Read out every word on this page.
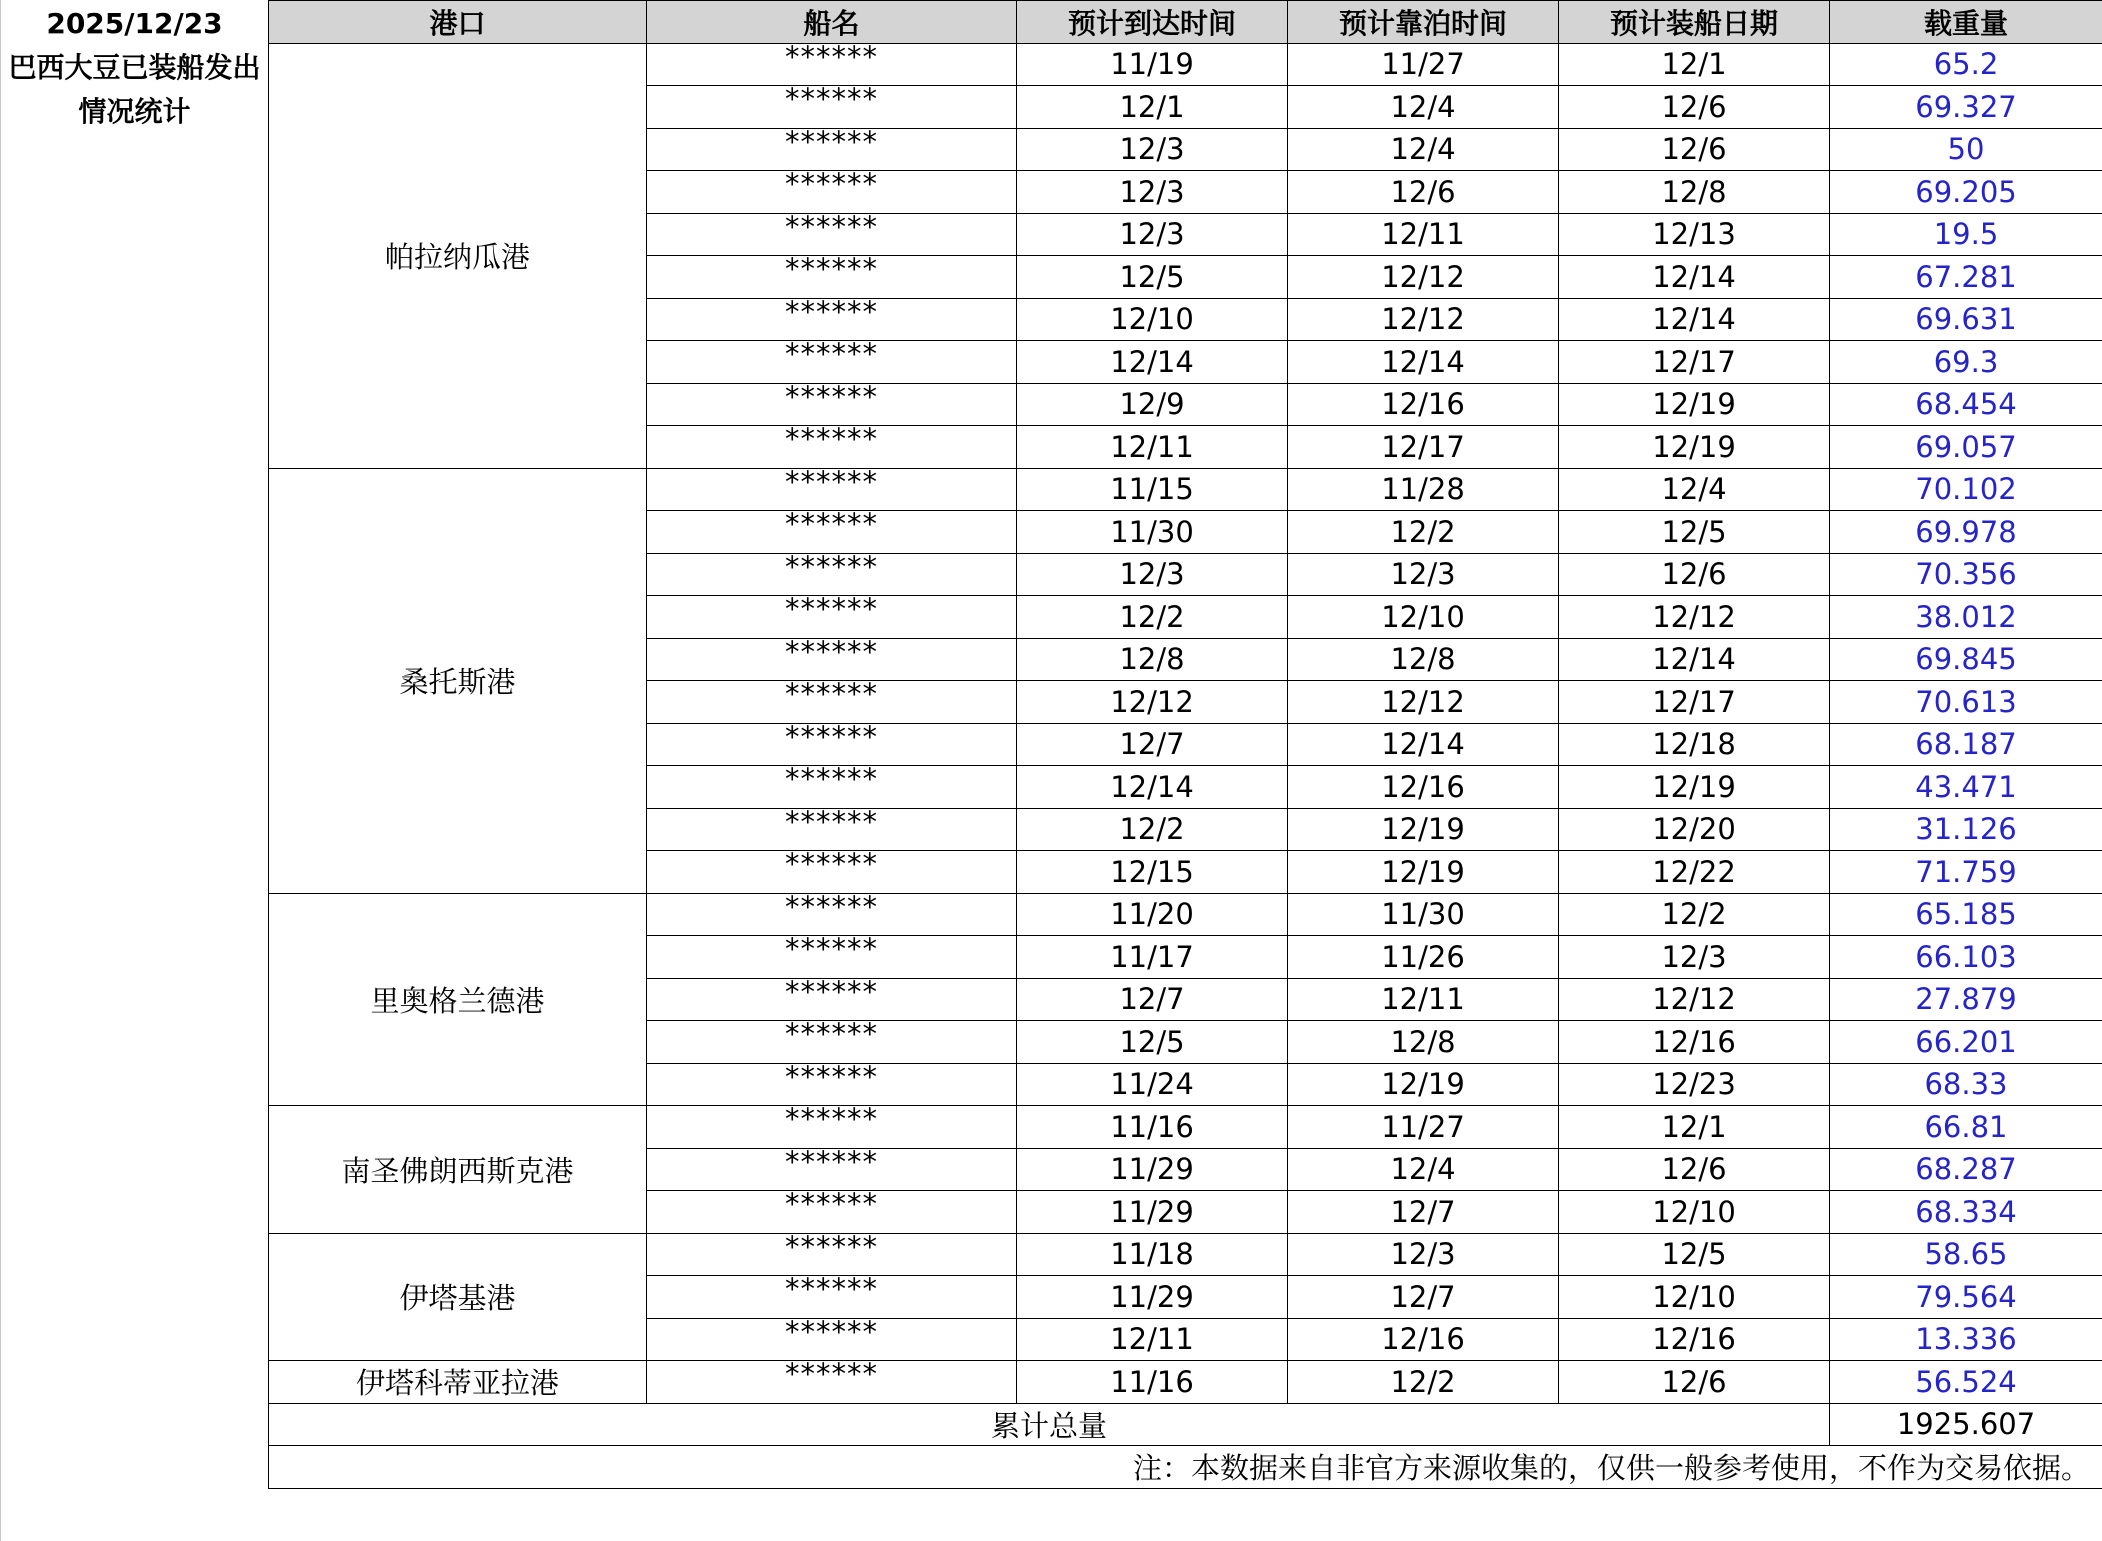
2025/12/23
巴西大豆已装船发出情况统计
港口	船名	预计到达时间	预计靠泊时间	预计装船日期	载重量
帕拉纳瓜港	******	11/19	11/27	12/1	65.2
	******	12/1	12/4	12/6	69.327
	******	12/3	12/4	12/6	50
	******	12/3	12/6	12/8	69.205
	******	12/3	12/11	12/13	19.5
	******	12/5	12/12	12/14	67.281
	******	12/10	12/12	12/14	69.631
	******	12/14	12/14	12/17	69.3
	******	12/9	12/16	12/19	68.454
	******	12/11	12/17	12/19	69.057
桑托斯港	******	11/15	11/28	12/4	70.102
	******	11/30	12/2	12/5	69.978
	******	12/3	12/3	12/6	70.356
	******	12/2	12/10	12/12	38.012
	******	12/8	12/8	12/14	69.845
	******	12/12	12/12	12/17	70.613
	******	12/7	12/14	12/18	68.187
	******	12/14	12/16	12/19	43.471
	******	12/2	12/19	12/20	31.126
	******	12/15	12/19	12/22	71.759
里奥格兰德港	******	11/20	11/30	12/2	65.185
	******	11/17	11/26	12/3	66.103
	******	12/7	12/11	12/12	27.879
	******	12/5	12/8	12/16	66.201
	******	11/24	12/19	12/23	68.33
南圣佛朗西斯克港	******	11/16	11/27	12/1	66.81
	******	11/29	12/4	12/6	68.287
	******	11/29	12/7	12/10	68.334
伊塔基港	******	11/18	12/3	12/5	58.65
	******	11/29	12/7	12/10	79.564
	******	12/11	12/16	12/16	13.336
伊塔科蒂亚拉港	******	11/16	12/2	12/6	56.524
累计总量					1925.607
注：本数据来自非官方来源收集的，仅供一般参考使用，不作为交易依据。					
